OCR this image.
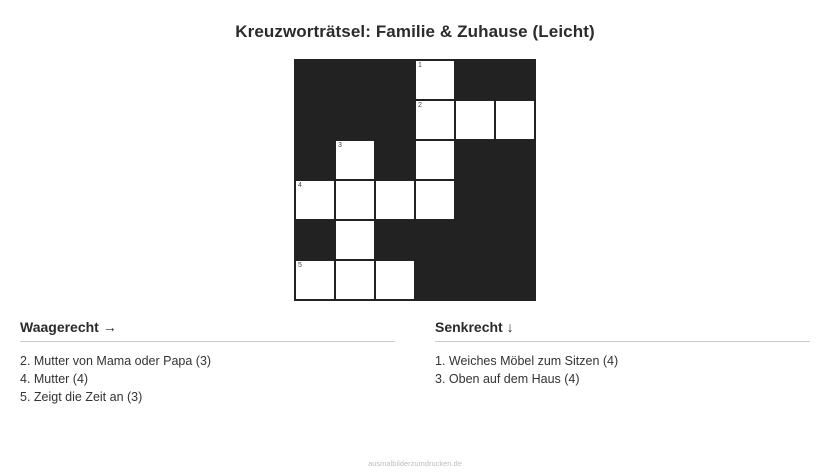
Kreuzworträtsel: Familie & Zuhause (Leicht)
1
2
3
4
5
Waagerecht →
2. Mutter von Mama oder Papa (3)
4. Mutter (4)
5. Zeigt die Zeit an (3)
Senkrecht ↓
1. Weiches Möbel zum Sitzen (4)
3. Oben auf dem Haus (4)
ausmalbilderzumdrucken.de
